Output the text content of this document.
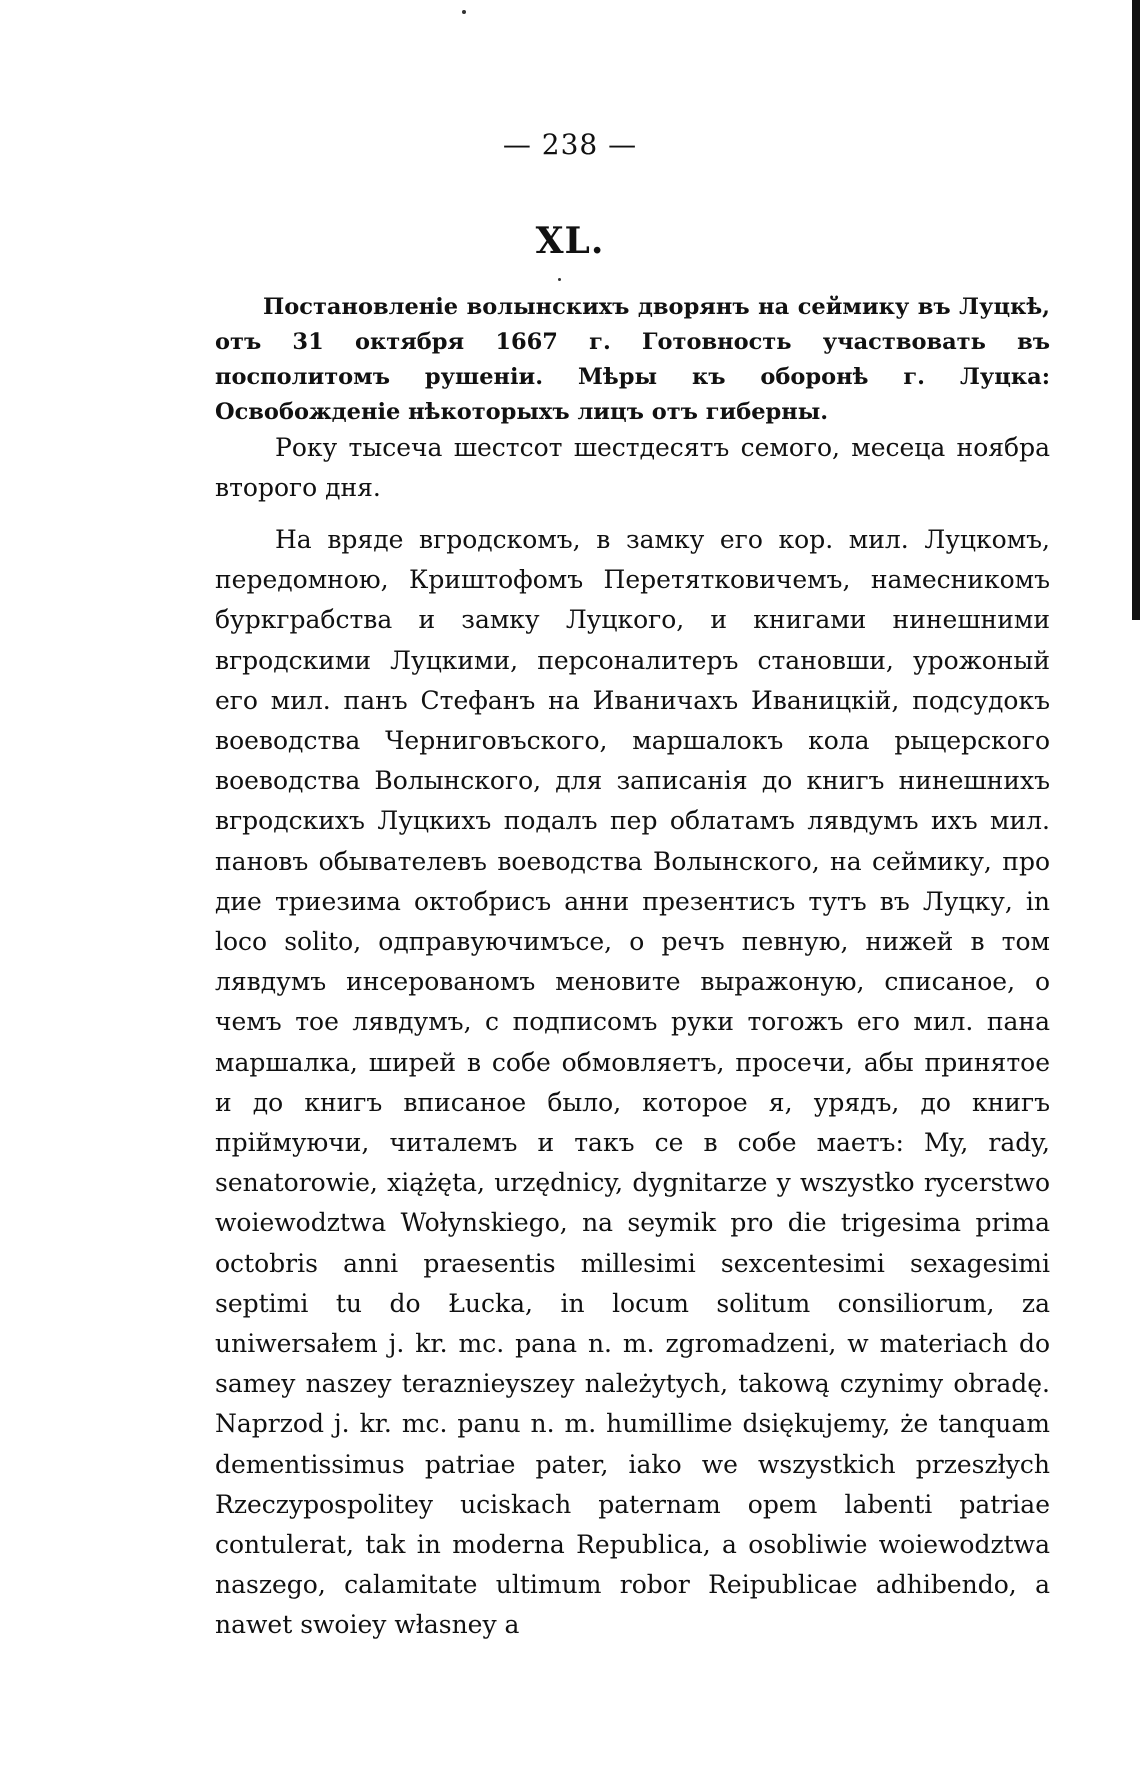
— 238 —
XL.

Постановленіе волынскихъ дворянъ на сеймику въ Луцкѣ, отъ 31 октября 1667 г. Готовность участвовать въ посполитомъ рушеніи. Мѣры къ оборонѣ г. Луцка: Освобожденіе нѣкоторыхъ лицъ отъ гиберны.

Року тысеча шестсот шестдесятъ семого, месеца ноябра второго дня.

На вряде вгродскомъ, в замку его кор. мил. Луцкомъ, передомною, Криштофомъ Перетятковичемъ, намесникомъ буркграбства и замку Луцкого, и книгами нинешними вгродскими Луцкими, персоналитеръ становши, урожоный его мил. панъ Стефанъ на Иваничахъ Иваницкій, подсудокъ воеводства Черниговъского, маршалокъ кола рыцерского воеводства Волынского, для записанія до книгъ нинешнихъ вгродскихъ Луцкихъ подалъ пер облатамъ лявдумъ ихъ мил. пановъ обывателевъ воеводства Волынского, на сеймику, про дие триезима октобрисъ анни презентисъ тутъ въ Луцку, in loco solito, одправуючимъсе, о речъ певную, нижей в том лявдумъ инсерованомъ меновите выражоную, списаное, о чемъ тое лявдумъ, с подписомъ руки тогожъ его мил. пана маршалка, ширей в собе обмовляетъ, просечи, абы принятое и до книгъ вписаное было, которое я, урядъ, до книгъ пріймуючи, читалемъ и такъ се в собе маетъ: My, rady, senatorowie, xiążęta, urzędnicy, dygnitarze y wszystko rycerstwo woiewodztwa Wołynskiego, na seymik pro die trigesima prima octobris anni praesentis millesimi sexcentesimi sexagesimi septimi tu do Łucka, in locum solitum consiliorum, za uniwersałem j. kr. mc. pana n. m. zgromadzeni, w materiach do samey naszey teraznieyszey należytych, takową czynimy obradę. Naprzod j. kr. mc. panu n. m. humillime dsiękujemy, że tanquam dementissimus patriae pater, iako we wszystkich przeszłych Rzeczypospolitey uciskach paternam opem labenti patriae contulerat, tak in moderna Republica, a osobliwie woiewodztwa naszego, calamitate ultimum robor Reipublicae adhibendo, a nawet swoiey własney a
